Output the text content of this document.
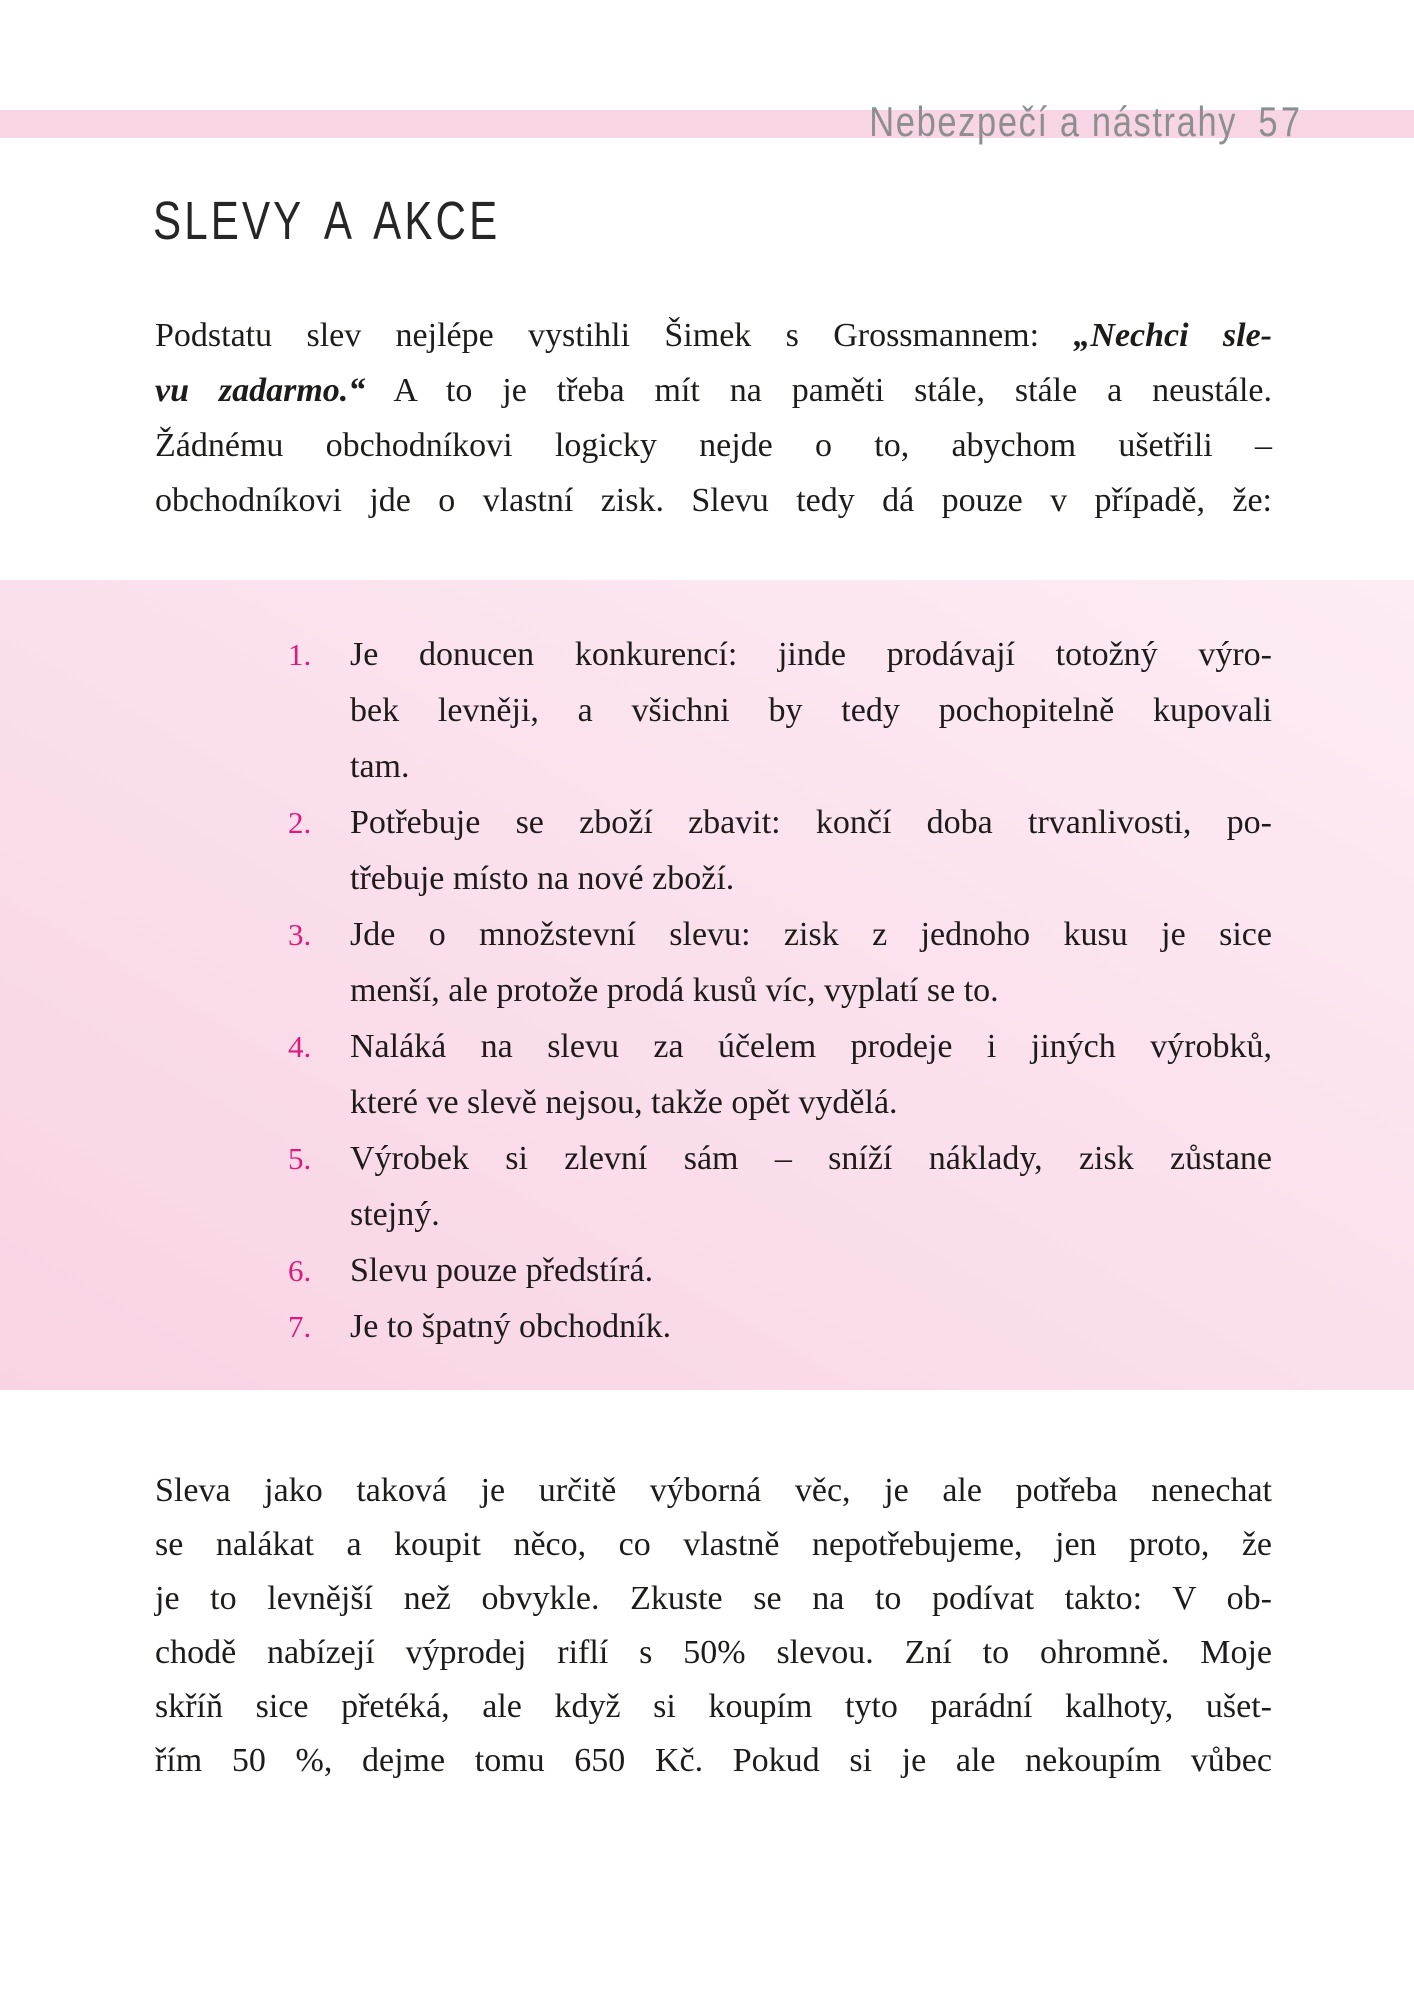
Nebezpečí a nástrahy 57
SLEVY A AKCE
Podstatu slev nejlépe vystihli Šimek s Grossmannem: „Nechci sle-
vu zadarmo.“ A to je třeba mít na paměti stále, stále a neustále.
Žádnému obchodníkovi logicky nejde o to, abychom ušetřili –
obchodníkovi jde o vlastní zisk. Slevu tedy dá pouze v případě, že:
1.	Je donucen konkurencí: jinde prodávají totožný výro-
bek levněji, a všichni by tedy pochopitelně kupovali
tam.
2.	Potřebuje se zboží zbavit: končí doba trvanlivosti, po-
třebuje místo na nové zboží.
3.	Jde o množstevní slevu: zisk z jednoho kusu je sice
menší, ale protože prodá kusů víc, vyplatí se to.
4.	Naláká na slevu za účelem prodeje i jiných výrobků,
které ve slevě nejsou, takže opět vydělá.
5.	Výrobek si zlevní sám – sníží náklady, zisk zůstane
stejný.
6.	Slevu pouze předstírá.
7.	Je to špatný obchodník.
Sleva jako taková je určitě výborná věc, je ale potřeba nenechat
se nalákat a koupit něco, co vlastně nepotřebujeme, jen proto, že
je to levnější než obvykle. Zkuste se na to podívat takto: V ob-
chodě nabízejí výprodej riflí s 50% slevou. Zní to ohromně. Moje
skříň sice přetéká, ale když si koupím tyto parádní kalhoty, ušet-
řím 50 %, dejme tomu 650 Kč. Pokud si je ale nekoupím vůbec
